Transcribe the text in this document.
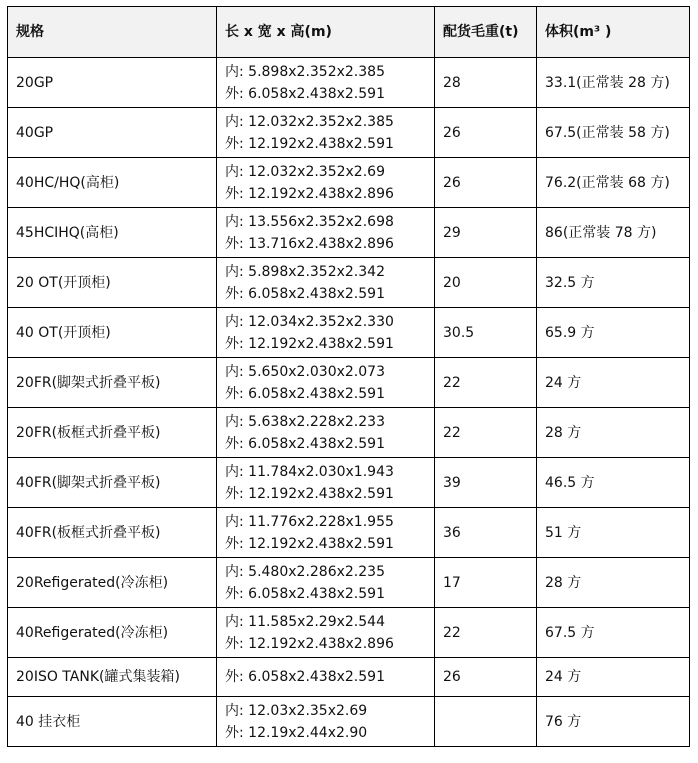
规格	长 x 宽 x 高(m)	配货毛重(t)	体积(m³ )
20GP	内: 5.898x2.352x2.385
外: 6.058x2.438x2.591	28	33.1(正常装 28 方)
40GP	内: 12.032x2.352x2.385
外: 12.192x2.438x2.591	26	67.5(正常装 58 方)
40HC/HQ(高柜)	内: 12.032x2.352x2.69
外: 12.192x2.438x2.896	26	76.2(正常装 68 方)
45HCIHQ(高柜)	内: 13.556x2.352x2.698
外: 13.716x2.438x2.896	29	86(正常装 78 方)
20 OT(开顶柜)	内: 5.898x2.352x2.342
外: 6.058x2.438x2.591	20	32.5 方
40 OT(开顶柜)	内: 12.034x2.352x2.330
外: 12.192x2.438x2.591	30.5	65.9 方
20FR(脚架式折叠平板)	内: 5.650x2.030x2.073
外: 6.058x2.438x2.591	22	24 方
20FR(板框式折叠平板)	内: 5.638x2.228x2.233
外: 6.058x2.438x2.591	22	28 方
40FR(脚架式折叠平板)	内: 11.784x2.030x1.943
外: 12.192x2.438x2.591	39	46.5 方
40FR(板框式折叠平板)	内: 11.776x2.228x1.955
外: 12.192x2.438x2.591	36	51 方
20Refigerated(冷冻柜)	内: 5.480x2.286x2.235
外: 6.058x2.438x2.591	17	28 方
40Refigerated(冷冻柜)	内: 11.585x2.29x2.544
外: 12.192x2.438x2.896	22	67.5 方
20ISO TANK(罐式集装箱)	外: 6.058x2.438x2.591	26	24 方
40 挂衣柜	内: 12.03x2.35x2.69
外: 12.19x2.44x2.90		76 方
